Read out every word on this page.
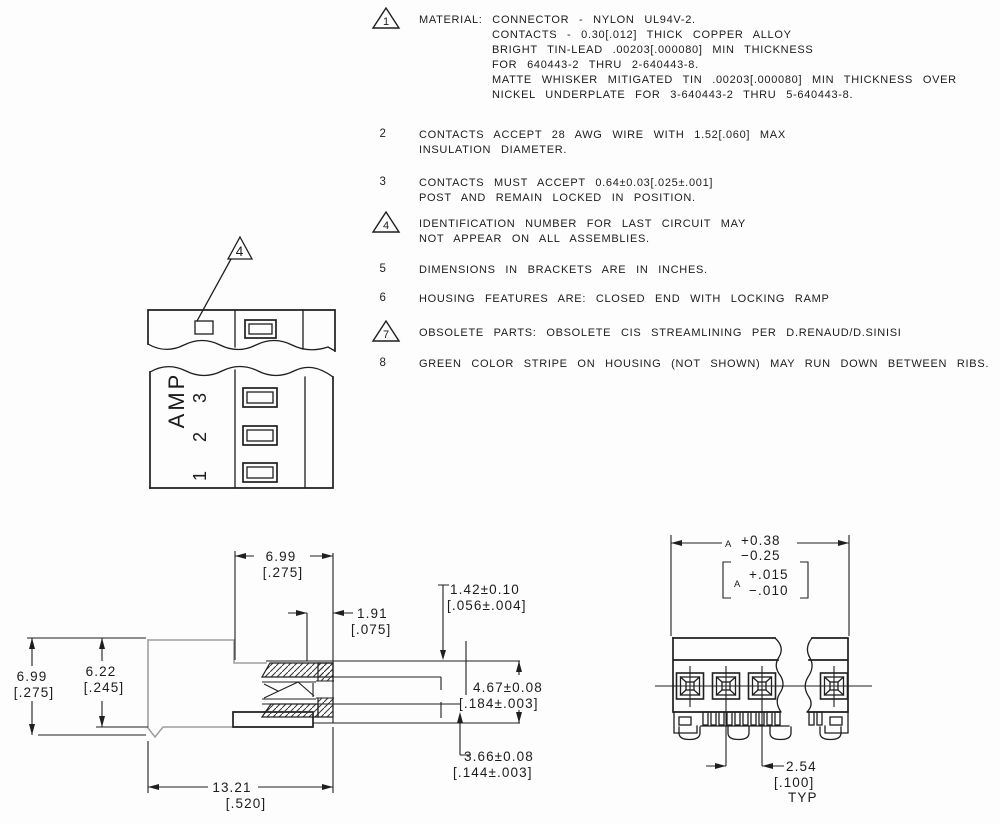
1	MATERIAL: CONNECTOR - NYLON UL94V-2.
CONTACTS - 0.30[.012] THICK COPPER ALLOY
BRIGHT TIN-LEAD .00203[.000080] MIN THICKNESS
FOR 640443-2 THRU 2-640443-8.
MATTE WHISKER MITIGATED TIN .00203[.000080] MIN THICKNESS OVER
NICKEL UNDERPLATE FOR 3-640443-2 THRU 5-640443-8.
2	CONTACTS ACCEPT 28 AWG WIRE WITH 1.52[.060] MAX
INSULATION DIAMETER.
3	CONTACTS MUST ACCEPT 0.64±0.03[.025±.001]
POST AND REMAIN LOCKED IN POSITION.
4	IDENTIFICATION NUMBER FOR LAST CIRCUIT MAY
NOT APPEAR ON ALL ASSEMBLIES.
5	DIMENSIONS IN BRACKETS ARE IN INCHES.
6	HOUSING FEATURES ARE: CLOSED END WITH LOCKING RAMP
7	OBSOLETE PARTS: OBSOLETE CIS STREAMLINING PER D.RENAUD/D.SINISI
8	GREEN COLOR STRIPE ON HOUSING (NOT SHOWN) MAY RUN DOWN BETWEEN RIBS.
4
AMP 1 2 3
6.99
[.275]
1.91
[.075]
1.42±0.10
[.056±.004]
4.67±0.08
[.184±.003]
3.66±0.08
[.144±.003]
6.99
[.275]
6.22
[.245]
13.21
[.520]
A +0.38
−0.25
A
+.015
−.010
2.54
[.100]
TYP
